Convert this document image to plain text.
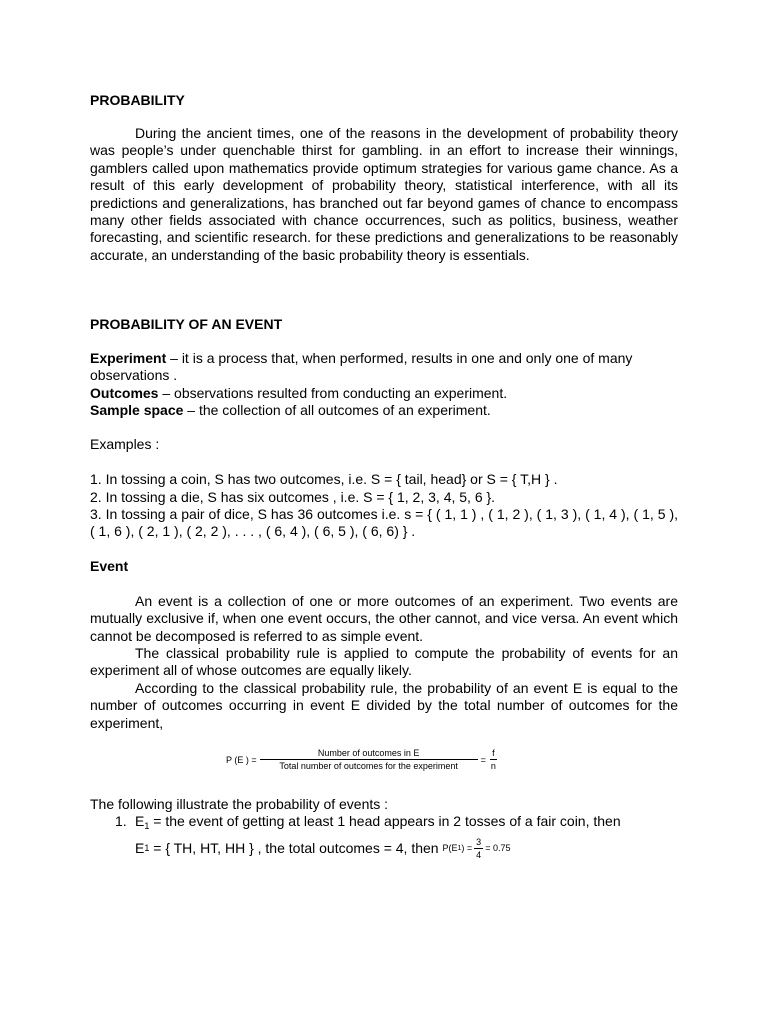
PROBABILITY

During the ancient times, one of the reasons in the development of probability theory was people’s under quenchable thirst for gambling. in an effort to increase their winnings, gamblers called upon mathematics provide optimum strategies for various game chance. As a result of this early development of probability theory, statistical interference, with all its predictions and generalizations, has branched out far beyond games of chance to encompass many other fields associated with chance occurrences, such as politics, business, weather forecasting, and scientific research. for these predictions and generalizations to be reasonably accurate, an understanding of the basic probability theory is essentials.

PROBABILITY OF AN EVENT

Experiment – it is a process that, when performed, results in one and only one of many observations .

Outcomes – observations resulted from conducting an experiment.

Sample space – the collection of all outcomes of an experiment.

Examples :

1. In tossing a coin, S has two outcomes, i.e. S = { tail, head} or S = { T,H } .

2. In tossing a die, S has six outcomes , i.e. S = { 1, 2, 3, 4, 5, 6 }.

3. In tossing a pair of dice, S has 36 outcomes i.e. s = { ( 1, 1 ) , ( 1, 2 ), ( 1, 3 ), ( 1, 4 ), ( 1, 5 ), ( 1, 6 ), ( 2, 1 ), ( 2, 2 ), . . . , ( 6, 4 ), ( 6, 5 ), ( 6, 6) } .

Event

An event is a collection of one or more outcomes of an experiment. Two events are mutually exclusive if, when one event occurs, the other cannot, and vice versa. An event which cannot be decomposed is referred to as simple event.

The classical probability rule is applied to compute the probability of events for an experiment all of whose outcomes are equally likely.

According to the classical probability rule, the probability of an event E is equal to the number of outcomes occurring in event E divided by the total number of outcomes for the experiment,

P (E ) = $\frac{\text{Number of outcomes in E}}{\text{Total number of outcomes for the experiment}} = \frac{f}{n}$

The following illustrate the probability of events :

1. $E_1$ = the event of getting at least 1 head appears in 2 tosses of a fair coin, then
E 1 = { TH, HT, HH } , the total outcomes = 4, then P(E 1 ) = $\frac{3}{4} = 0.75$
